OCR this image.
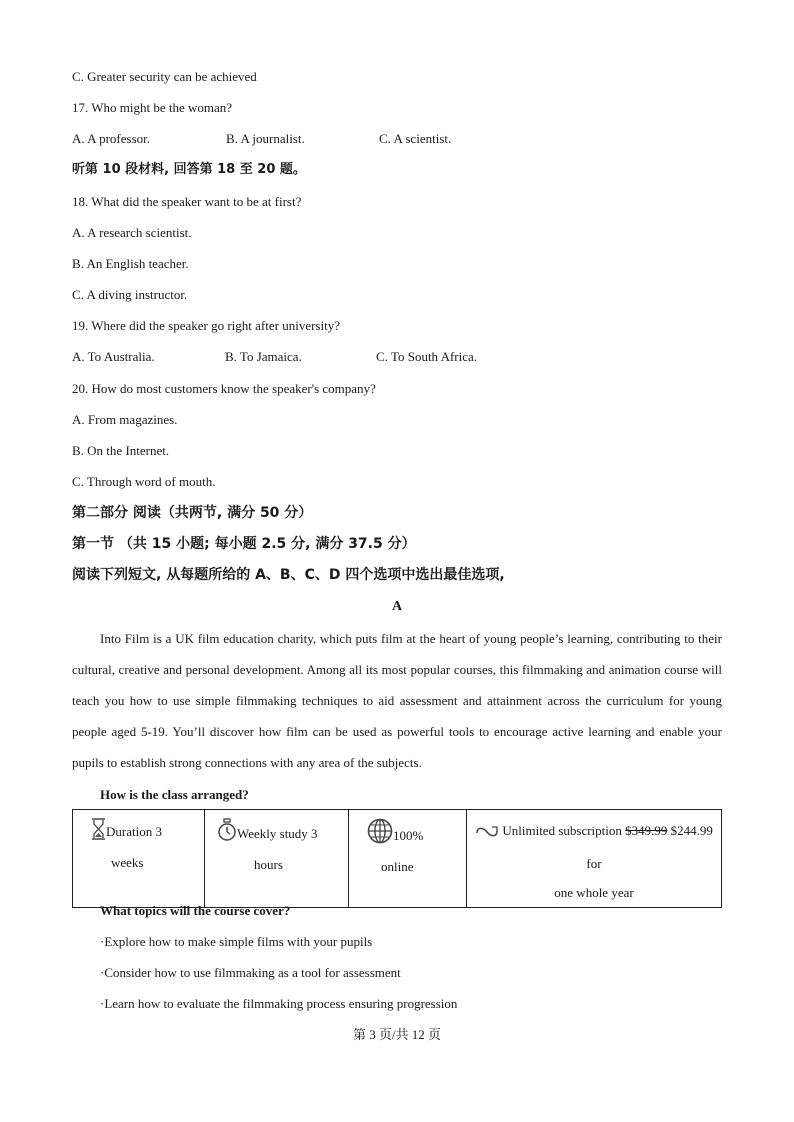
C. Greater security can be achieved
17. Who might be the woman?
A. A professor.	B. A journalist.	C. A scientist.
听第 10 段材料, 回答第 18 至 20 题。
18. What did the speaker want to be at first?
A. A research scientist.
B. An English teacher.
C. A diving instructor.
19. Where did the speaker go right after university?
A. To Australia.	B. To Jamaica.	C. To South Africa.
20. How do most customers know the speaker's company?
A. From magazines.
B. On the Internet.
C. Through word of mouth.
第二部分 阅读（共两节, 满分 50 分）
第一节 （共 15 小题; 每小题 2.5 分, 满分 37.5 分）
阅读下列短文, 从每题所给的 A、B、C、D 四个选项中选出最佳选项,
A
Into Film is a UK film education charity, which puts film at the heart of young people’s learning, contributing to their cultural, creative and personal development. Among all its most popular courses, this filmmaking and animation course will teach you how to use simple filmmaking techniques to aid assessment and attainment across the curriculum for young people aged 5-19. You’ll discover how film can be used as powerful tools to encourage active learning and enable your pupils to establish strong connections with any area of the subjects.
How is the class arranged?
Duration 3
weeks

Weekly study 3
hours

100%
online

Unlimited subscription $349.99 $244.99 for
one whole year
What topics will the course cover?
·Explore how to make simple films with your pupils
·Consider how to use filmmaking as a tool for assessment
·Learn how to evaluate the filmmaking process ensuring progression
第 3 页/共 12 页
